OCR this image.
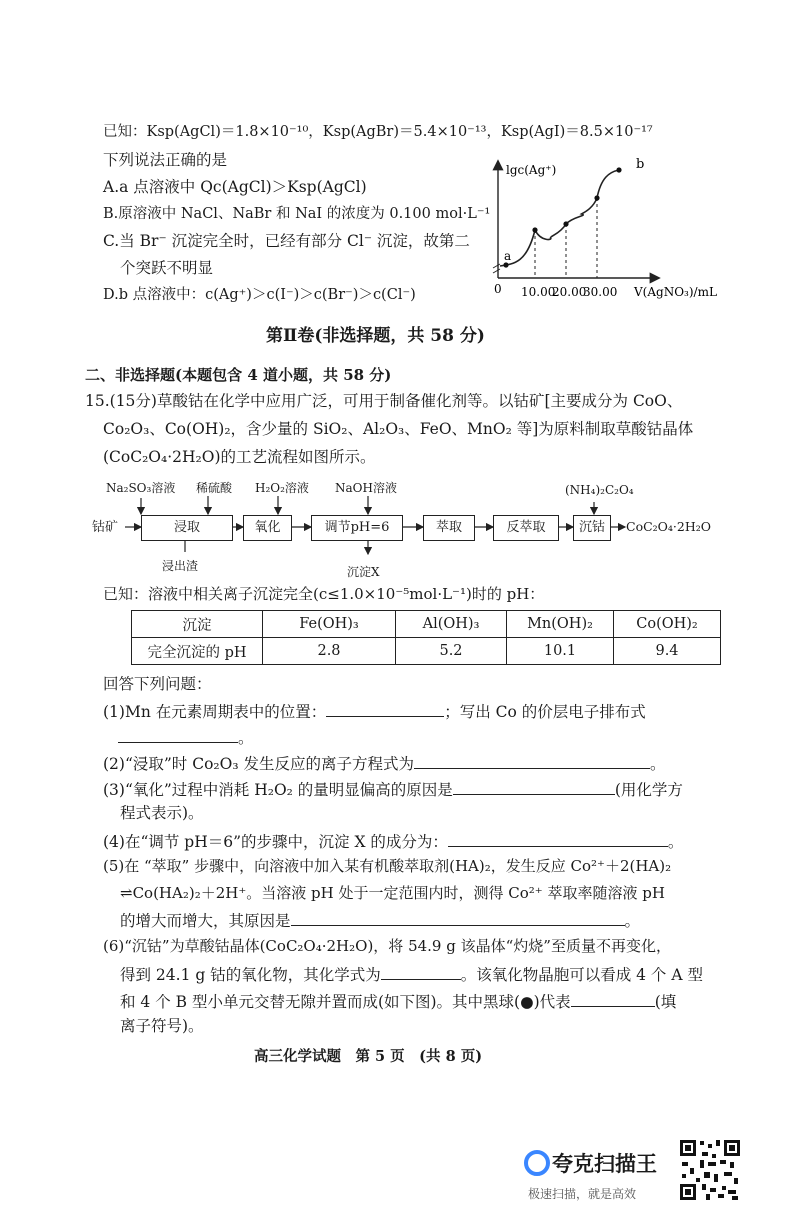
已知：Ksp(AgCl)＝1.8×10⁻¹⁰，Ksp(AgBr)＝5.4×10⁻¹³，Ksp(AgI)＝8.5×10⁻¹⁷
下列说法正确的是
A.a 点溶液中 Qc(AgCl)＞Ksp(AgCl)
B.原溶液中 NaCl、NaBr 和 NaI 的浓度为 0.100 mol·L⁻¹
C.当 Br⁻ 沉淀完全时，已经有部分 Cl⁻ 沉淀，故第二
个突跃不明显
D.b 点溶液中：c(Ag⁺)＞c(I⁻)＞c(Br⁻)＞c(Cl⁻)
a
b
lgc(Ag⁺)
0 10.00
20.00
30.00 V(AgNO₃)/mL
第Ⅱ卷(非选择题，共 58 分)
二、非选择题(本题包含 4 道小题，共 58 分)
15.(15分)草酸钴在化学中应用广泛，可用于制备催化剂等。以钴矿[主要成分为 CoO、
Co₂O₃、Co(OH)₂，含少量的 SiO₂、Al₂O₃、FeO、MnO₂ 等]为原料制取草酸钴晶体
(CoC₂O₄·2H₂O)的工艺流程如图所示。
Na₂SO₃溶液 稀硫酸 H₂O₂溶液 NaOH溶液	(NH₄)₂C₂O₄
钴矿	浸取	氧化	调节pH=6	萃取	反萃取	沉钴	CoC₂O₄·2H₂O
浸出渣	沉淀X
已知：溶液中相关离子沉淀完全(c≤1.0×10⁻⁵mol·L⁻¹)时的 pH：
沉淀	Fe(OH)₃	Al(OH)₃	Mn(OH)₂	Co(OH)₂
完全沉淀的 pH	2.8	5.2	10.1	9.4
回答下列问题：
(1)Mn 在元素周期表中的位置：	；写出 Co 的价层电子排布式
。
(2)“浸取”时 Co₂O₃ 发生反应的离子方程式为	。
(3)“氧化”过程中消耗 H₂O₂ 的量明显偏高的原因是	(用化学方
程式表示)。
(4)在“调节 pH＝6”的步骤中，沉淀 X 的成分为：	。
(5)在 “萃取” 步骤中，向溶液中加入某有机酸萃取剂(HA)₂，发生反应 Co²⁺＋2(HA)₂
⇌Co(HA₂)₂＋2H⁺。当溶液 pH 处于一定范围内时，测得 Co²⁺ 萃取率随溶液 pH
的增大而增大，其原因是	。
(6)“沉钴”为草酸钴晶体(CoC₂O₄·2H₂O)，将 54.9 g 该晶体“灼烧”至质量不再变化，
得到 24.1 g 钴的氧化物，其化学式为	。该氧化物晶胞可以看成 4 个 A 型
和 4 个 B 型小单元交替无隙并置而成(如下图)。其中黑球(●)代表	(填
离子符号)。
高三化学试题　第 5 页　(共 8 页)
夸克扫描王
极速扫描，就是高效
